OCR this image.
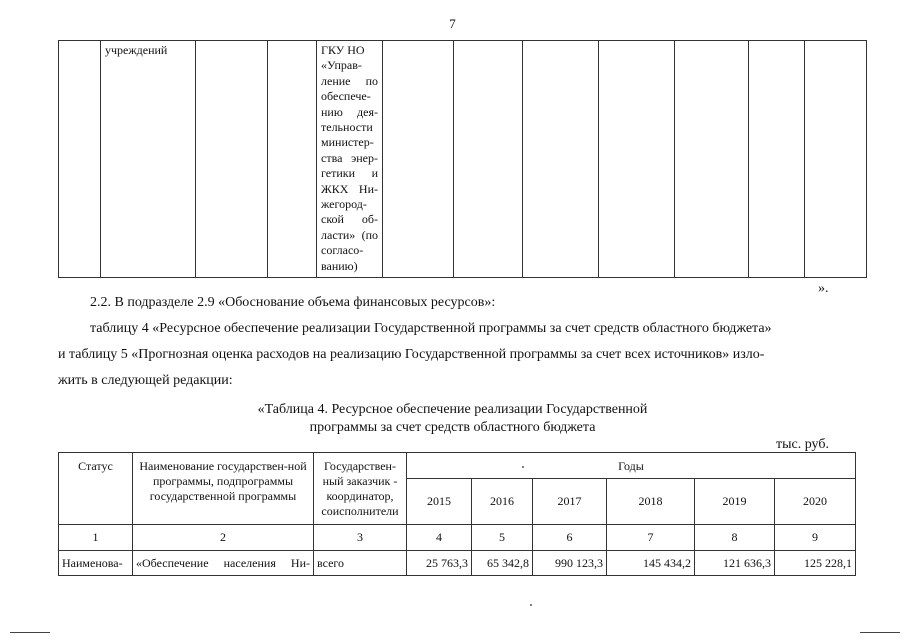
7

учреждений			ГКУ НО
«Управ-
ление по
обеспече-
нию дея-
тельности
министер-
ства энер-
гетики и
ЖКХ Ни-
жегород-
ской об-
ласти» (по
согласо-
ванию)

».
2.2. В подразделе 2.9 «Обоснование объема финансовых ресурсов»:
таблицу 4 «Ресурсное обеспечение реализации Государственной программы за счет средств областного бюджета»
и таблицу 5 «Прогнозная оценка расходов на реализацию Государственной программы за счет всех источников» изло-
жить в следующей редакции:
«Таблица 4. Ресурсное обеспечение реализации Государственной
программы за счет средств областного бюджета
тыс. руб.
Статус	Наименование государствен-ной программы, подпрограммы государственной программы	Государствен-ный заказчик - координатор, соисполнители	Годы					
			2015	2016	2017	2018	2019	2020
1	2	3	4	5	6	7	8	9
Наименова-	«Обеспечение населения Ни-	всего	25 763,3	65 342,8	990 123,3	145 434,2	121 636,3	125 228,1
